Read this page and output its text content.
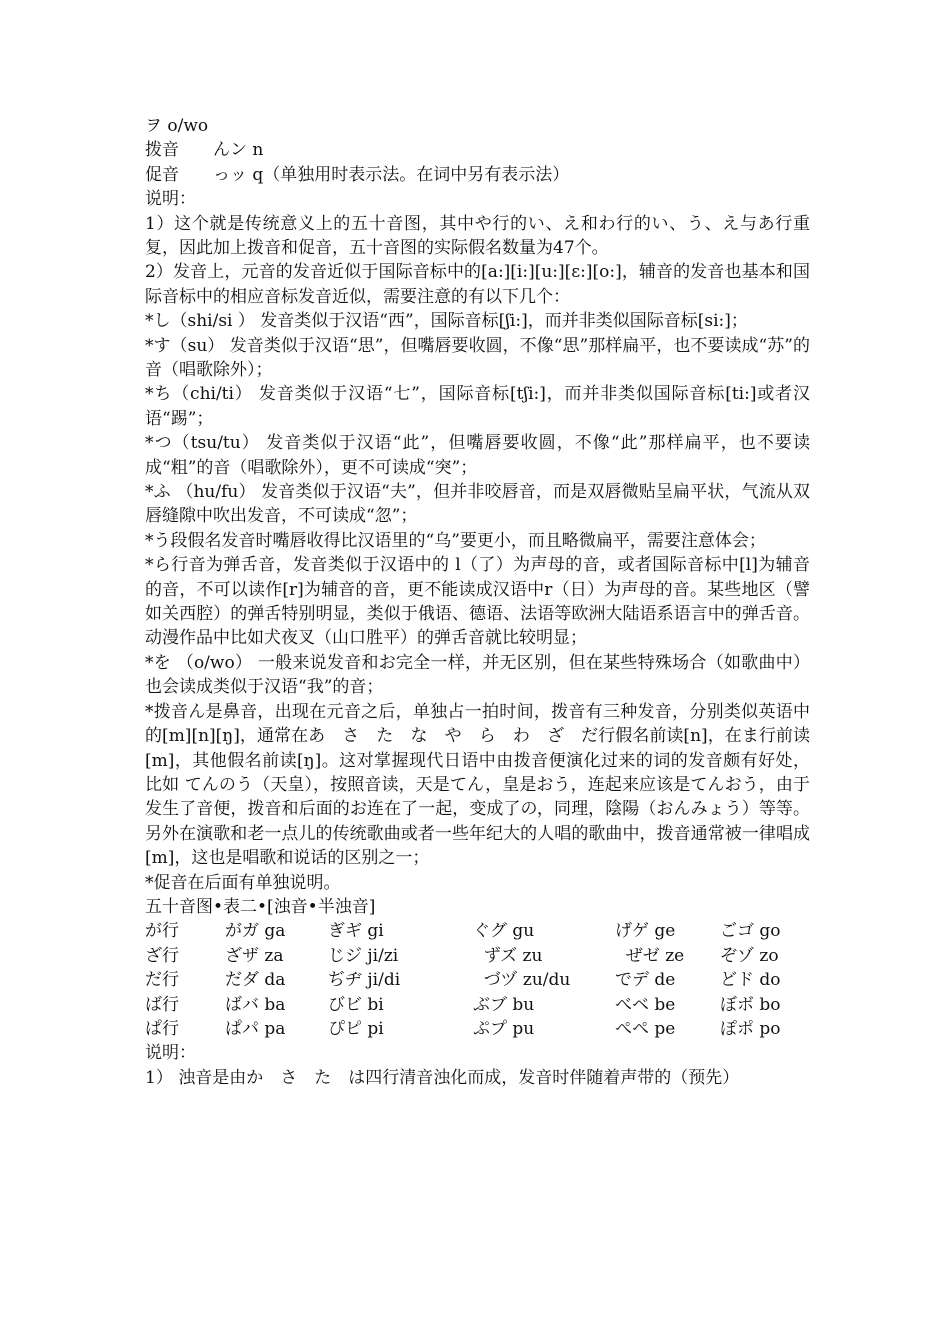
ヲ o/wo
拨音　　んン n
促音　　っッ q（单独用时表示法。在词中另有表示法）
说明：
1）这个就是传统意义上的五十音图，其中や行的い、え和わ行的い、う、え与あ行重复，因此加上拨音和促音，五十音图的实际假名数量为47个。
2）发音上，元音的发音近似于国际音标中的[a:][i:][u:][ɛ:][o:]，辅音的发音也基本和国际音标中的相应音标发音近似，需要注意的有以下几个：
*し（shi/si ） 发音类似于汉语“西”，国际音标[ʃi:]，而并非类似国际音标[si:]；
*す（su） 发音类似于汉语“思”，但嘴唇要收圆，不像“思”那样扁平，也不要读成“苏”的音（唱歌除外）；
*ち（chi/ti） 发音类似于汉语“七”，国际音标[tʃi:]，而并非类似国际音标[ti:]或者汉语“踢”；
*つ（tsu/tu） 发音类似于汉语“此”，但嘴唇要收圆，不像“此”那样扁平，也不要读成“粗”的音（唱歌除外），更不可读成“突”；
*ふ （hu/fu） 发音类似于汉语“夫”，但并非咬唇音，而是双唇微贴呈扁平状，气流从双唇缝隙中吹出发音，不可读成“忽”；
*う段假名发音时嘴唇收得比汉语里的“乌”要更小，而且略微扁平，需要注意体会；
*ら行音为弹舌音，发音类似于汉语中的 l（了）为声母的音，或者国际音标中[l]为辅音的音，不可以读作[r]为辅音的音，更不能读成汉语中r（日）为声母的音。某些地区（譬如关西腔）的弹舌特别明显，类似于俄语、德语、法语等欧洲大陆语系语言中的弹舌音。动漫作品中比如犬夜叉（山口胜平）的弹舌音就比较明显；
*を （o/wo） 一般来说发音和お完全一样，并无区别，但在某些特殊场合（如歌曲中）也会读成类似于汉语“我”的音；
*拨音ん是鼻音，出现在元音之后，单独占一拍时间，拨音有三种发音，分别类似英语中的[m][n][ŋ]，通常在あ　さ　た　な　や　ら　わ　ざ　だ行假名前读[n]，在ま行前读[m]，其他假名前读[ŋ]。这对掌握现代日语中由拨音便演化过来的词的发音颇有好处，比如 てんのう（天皇），按照音读，天是てん，皇是おう，连起来应该是てんおう，由于发生了音便，拨音和后面的お连在了一起，变成了の，同理，陰陽（おんみょう）等等。另外在演歌和老一点儿的传统歌曲或者一些年纪大的人唱的歌曲中，拨音通常被一律唱成[m]，这也是唱歌和说话的区别之一；
*促音在后面有单独说明。
五十音图•表二•[浊音•半浊音]
が行	がガ ga	ぎギ gi	ぐグ gu	げゲ ge	ごゴ go
ざ行	ざザ za	じジ ji/zi	ずズ zu	ぜゼ ze	ぞゾ zo
だ行	だダ da	ぢヂ ji/di	づヅ zu/du	でデ de	どド do
ば行	ばバ ba	びビ bi	ぶブ bu	べベ be	ぼボ bo
ぱ行	ぱパ pa	ぴピ pi	ぷプ pu	ぺペ pe	ぽポ po
说明：
1） 浊音是由か　さ　た　は四行清音浊化而成，发音时伴随着声带的（预先）
